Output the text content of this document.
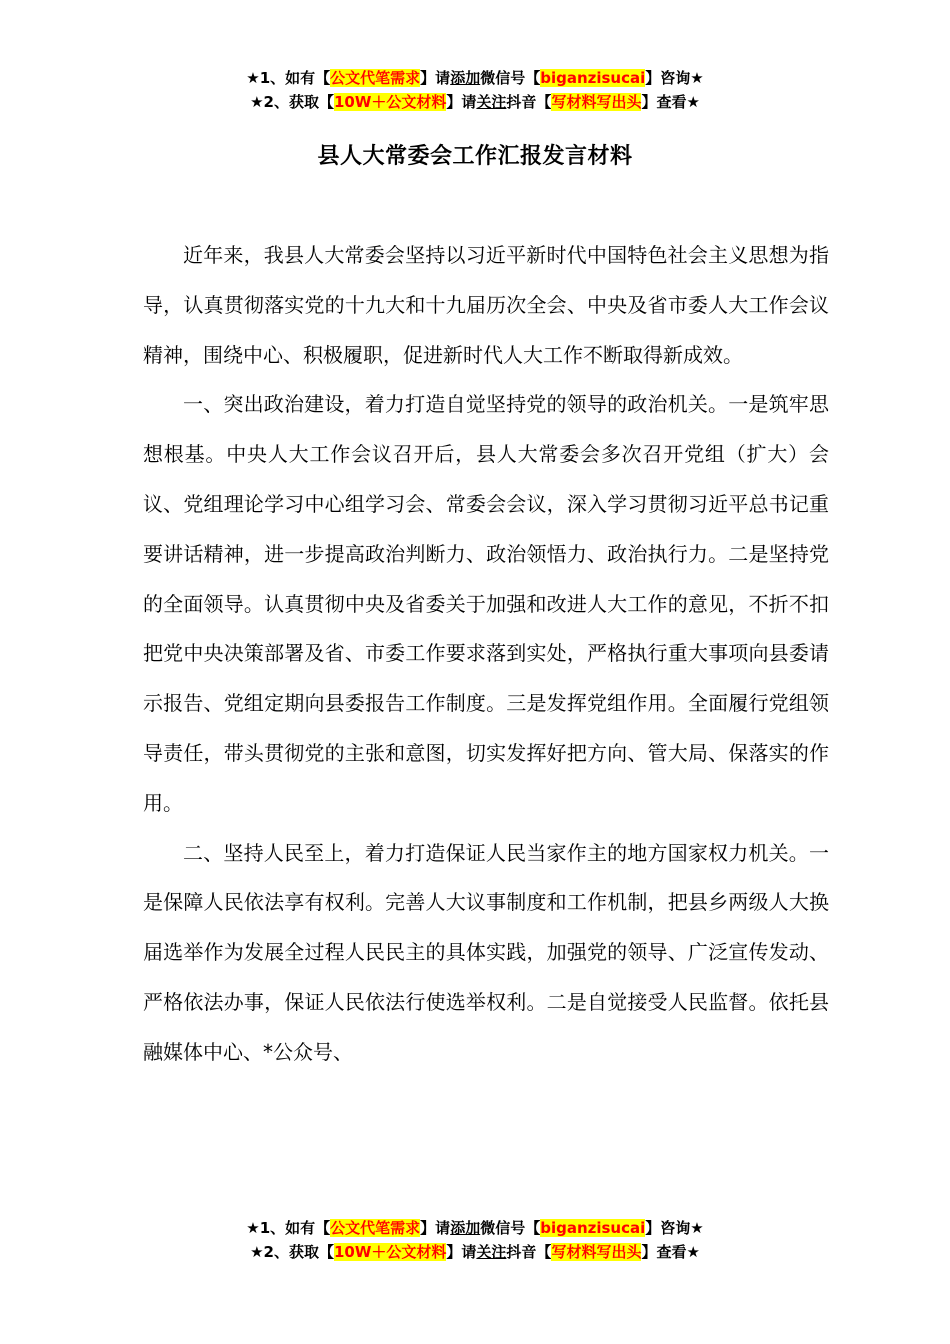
★1、如有【公文代笔需求】请添加微信号【biganzisucai】咨询★
★2、获取【10W＋公文材料】请关注抖音【写材料写出头】查看★
县人大常委会工作汇报发言材料

近年来，我县人大常委会坚持以习近平新时代中国特色社会主义思想为指导，认真贯彻落实党的十九大和十九届历次全会、中央及省市委人大工作会议精神，围绕中心、积极履职，促进新时代人大工作不断取得新成效。

一、突出政治建设，着力打造自觉坚持党的领导的政治机关。一是筑牢思想根基。中央人大工作会议召开后，县人大常委会多次召开党组（扩大）会议、党组理论学习中心组学习会、常委会会议，深入学习贯彻习近平总书记重要讲话精神，进一步提高政治判断力、政治领悟力、政治执行力。二是坚持党的全面领导。认真贯彻中央及省委关于加强和改进人大工作的意见，不折不扣把党中央决策部署及省、市委工作要求落到实处，严格执行重大事项向县委请示报告、党组定期向县委报告工作制度。三是发挥党组作用。全面履行党组领导责任，带头贯彻党的主张和意图，切实发挥好把方向、管大局、保落实的作用。

二、坚持人民至上，着力打造保证人民当家作主的地方国家权力机关。一是保障人民依法享有权利。完善人大议事制度和工作机制，把县乡两级人大换届选举作为发展全过程人民民主的具体实践，加强党的领导、广泛宣传发动、严格依法办事，保证人民依法行使选举权利。二是自觉接受人民监督。依托县融媒体中心、*公众号、

★1、如有【公文代笔需求】请添加微信号【biganzisucai】咨询★
★2、获取【10W＋公文材料】请关注抖音【写材料写出头】查看★
